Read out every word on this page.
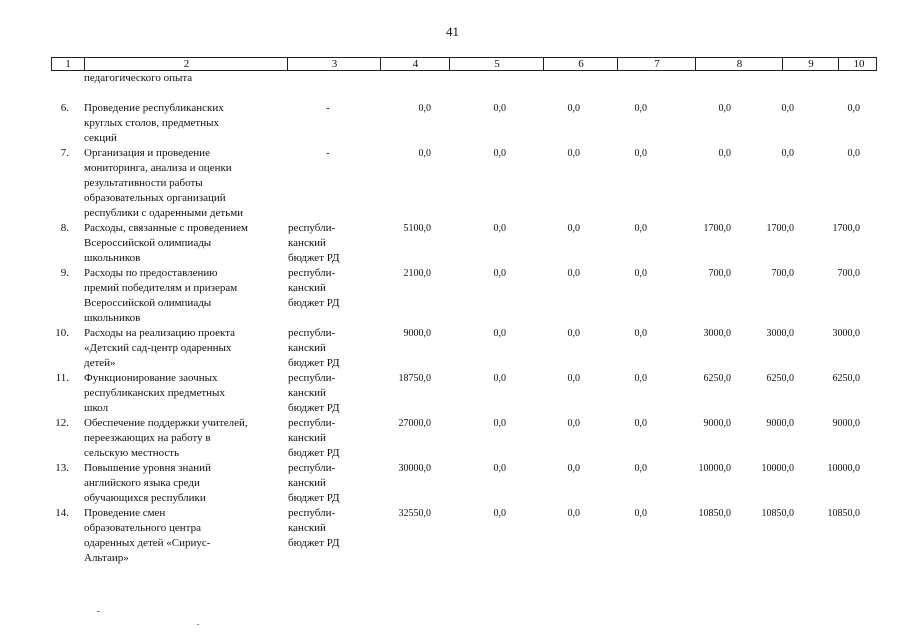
41
1	2	3	4	5	6	7	8	9	10
педагогического опыта
6. Проведение республиканских
круглых столов, предметных
секций
-	0,0	0,0	0,0	0,0	0,0	0,0	0,0
7. Организация и проведение
мониторинга, анализа и оценки
результативности работы
образовательных организаций
республики с одаренными детьми
-	0,0	0,0	0,0	0,0	0,0	0,0	0,0
8. Расходы, связанные с проведением
Всероссийской олимпиады
школьников
республи-
канский
бюджет РД
5100,0	0,0	0,0	0,0	1700,0	1700,0	1700,0
9. Расходы по предоставлению
премий победителям и призерам
Всероссийской олимпиады
школьников
республи-
канский
бюджет РД
2100,0	0,0	0,0	0,0	700,0	700,0	700,0
10. Расходы на реализацию проекта
«Детский сад-центр одаренных
детей»
республи-
канский
бюджет РД
9000,0	0,0	0,0	0,0	3000,0	3000,0	3000,0
11. Функционирование заочных
республиканских предметных
школ
республи-
канский
бюджет РД
18750,0	0,0	0,0	0,0	6250,0	6250,0	6250,0
12. Обеспечение поддержки учителей,
переезжающих на работу в
сельскую местность
республи-
канский
бюджет РД
27000,0	0,0	0,0	0,0	9000,0	9000,0	9000,0
13. Повышение уровня знаний
английского языка среди
обучающихся республики
республи-
канский
бюджет РД
30000,0	0,0	0,0	0,0	10000,0	10000,0	10000,0
14. Проведение смен
образовательного центра
одаренных детей «Сириус-
Альтаир»
республи-
канский
бюджет РД
32550,0	0,0	0,0	0,0	10850,0	10850,0	10850,0
